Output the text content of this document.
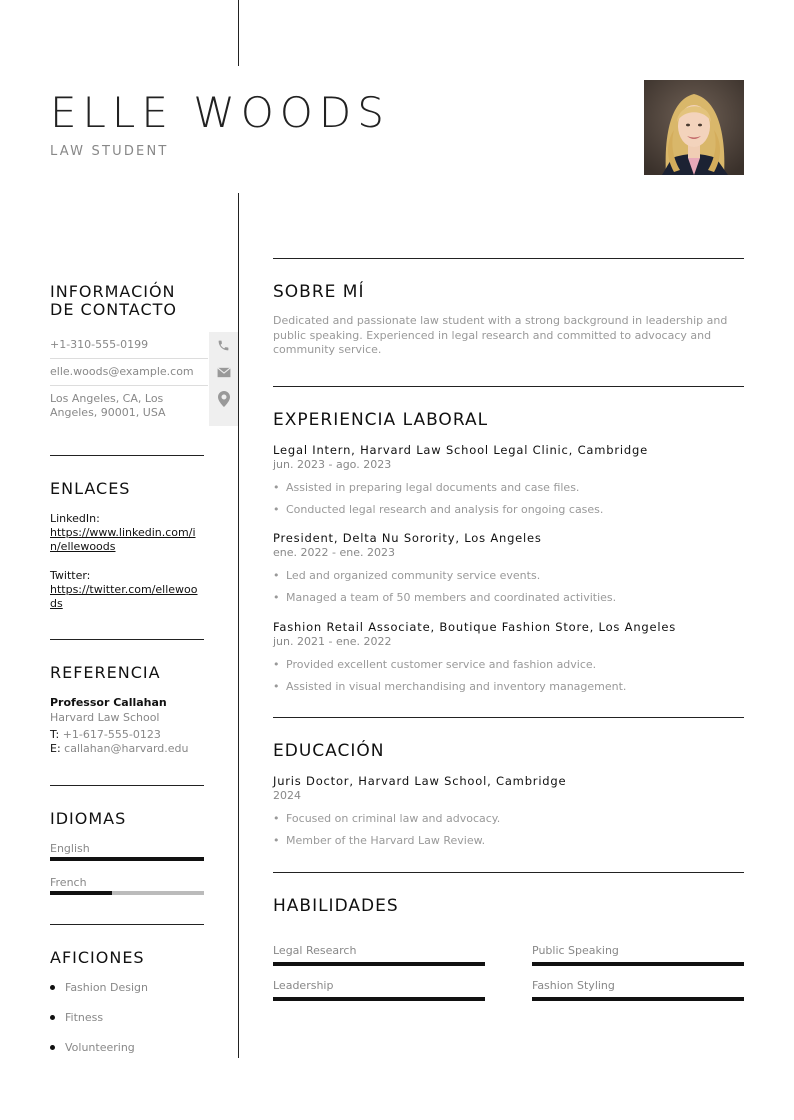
ELLE WOODS
LAW STUDENT
INFORMACIÓN
DE CONTACTO
+1-310-555-0199
elle.woods@example.com
Los Angeles, CA, Los Angeles, 90001, USA
ENLACES
LinkedIn:
https://www.linkedin.com/in/ellewoods
Twitter:
https://twitter.com/ellewoods
REFERENCIA
Professor Callahan
Harvard Law School
T: +1-617-555-0123
E: callahan@harvard.edu
IDIOMAS
English
French
AFICIONES
Fashion Design
Fitness
Volunteering
SOBRE MÍ
Dedicated and passionate law student with a strong background in leadership and public speaking. Experienced in legal research and committed to advocacy and community service.
EXPERIENCIA LABORAL
Legal Intern, Harvard Law School Legal Clinic, Cambridge
jun. 2023 - ago. 2023
• Assisted in preparing legal documents and case files.
• Conducted legal research and analysis for ongoing cases.
President, Delta Nu Sorority, Los Angeles
ene. 2022 - ene. 2023
• Led and organized community service events.
• Managed a team of 50 members and coordinated activities.
Fashion Retail Associate, Boutique Fashion Store, Los Angeles
jun. 2021 - ene. 2022
• Provided excellent customer service and fashion advice.
• Assisted in visual merchandising and inventory management.
EDUCACIÓN
Juris Doctor, Harvard Law School, Cambridge
2024
• Focused on criminal law and advocacy.
• Member of the Harvard Law Review.
HABILIDADES
Legal Research	Public Speaking
Leadership	Fashion Styling
